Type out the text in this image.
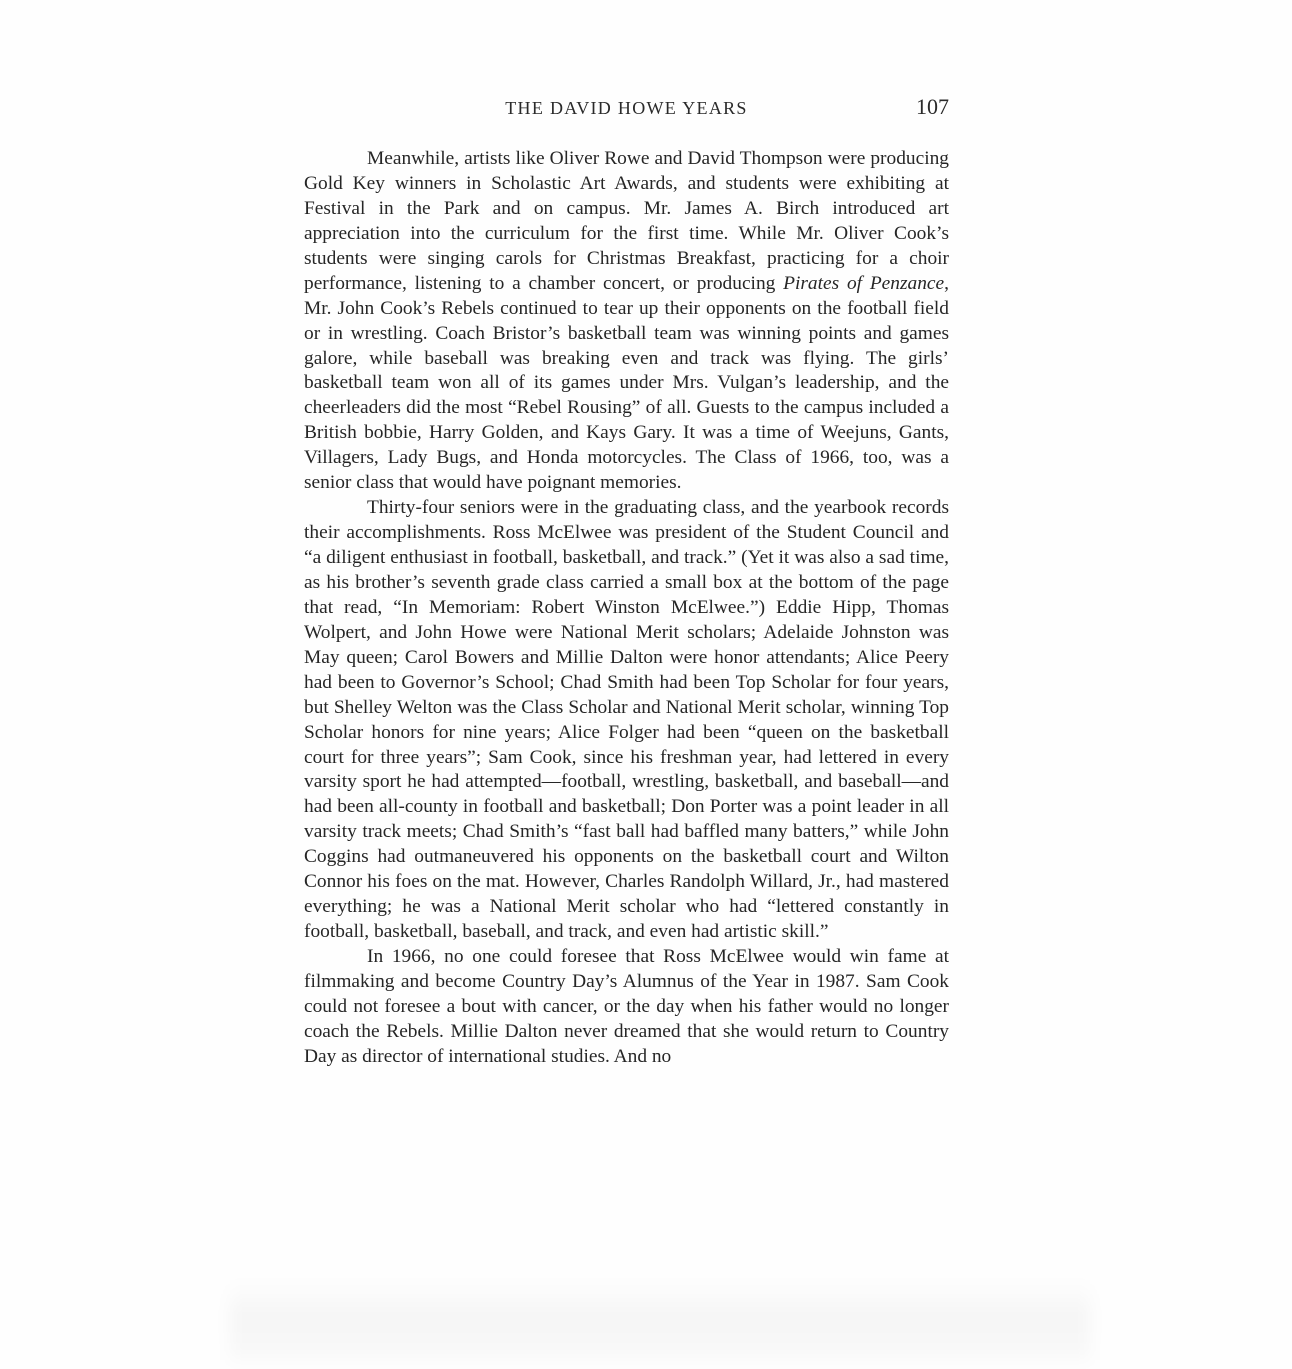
THE DAVID HOWE YEARS	107

Meanwhile, artists like Oliver Rowe and David Thompson were producing Gold Key winners in Scholastic Art Awards, and students were exhibiting at Festival in the Park and on campus. Mr. James A. Birch introduced art appreciation into the curriculum for the first time. While Mr. Oliver Cook’s students were singing carols for Christmas Breakfast, practicing for a choir performance, listening to a chamber concert, or producing Pirates of Penzance, Mr. John Cook’s Rebels continued to tear up their opponents on the football field or in wrestling. Coach Bristor’s basketball team was winning points and games galore, while baseball was breaking even and track was flying. The girls’ basketball team won all of its games under Mrs. Vulgan’s leadership, and the cheerleaders did the most “Rebel Rousing” of all. Guests to the campus included a British bobbie, Harry Golden, and Kays Gary. It was a time of Weejuns, Gants, Villagers, Lady Bugs, and Honda motorcycles. The Class of 1966, too, was a senior class that would have poignant memories.

Thirty-four seniors were in the graduating class, and the yearbook records their accomplishments. Ross McElwee was president of the Student Council and “a diligent enthusiast in football, basketball, and track.” (Yet it was also a sad time, as his brother’s seventh grade class carried a small box at the bottom of the page that read, “In Memoriam: Robert Winston McElwee.”) Eddie Hipp, Thomas Wolpert, and John Howe were National Merit scholars; Adelaide Johnston was May queen; Carol Bowers and Millie Dalton were honor attendants; Alice Peery had been to Governor’s School; Chad Smith had been Top Scholar for four years, but Shelley Welton was the Class Scholar and National Merit scholar, winning Top Scholar honors for nine years; Alice Folger had been “queen on the basketball court for three years”; Sam Cook, since his freshman year, had lettered in every varsity sport he had attempted—football, wrestling, basketball, and baseball—and had been all-county in football and basketball; Don Porter was a point leader in all varsity track meets; Chad Smith’s “fast ball had baffled many batters,” while John Coggins had outmaneuvered his opponents on the basketball court and Wilton Connor his foes on the mat. However, Charles Randolph Willard, Jr., had mastered everything; he was a National Merit scholar who had “lettered constantly in football, basketball, baseball, and track, and even had artistic skill.”

In 1966, no one could foresee that Ross McElwee would win fame at filmmaking and become Country Day’s Alumnus of the Year in 1987. Sam Cook could not foresee a bout with cancer, or the day when his father would no longer coach the Rebels. Millie Dalton never dreamed that she would return to Country Day as director of international studies. And no
